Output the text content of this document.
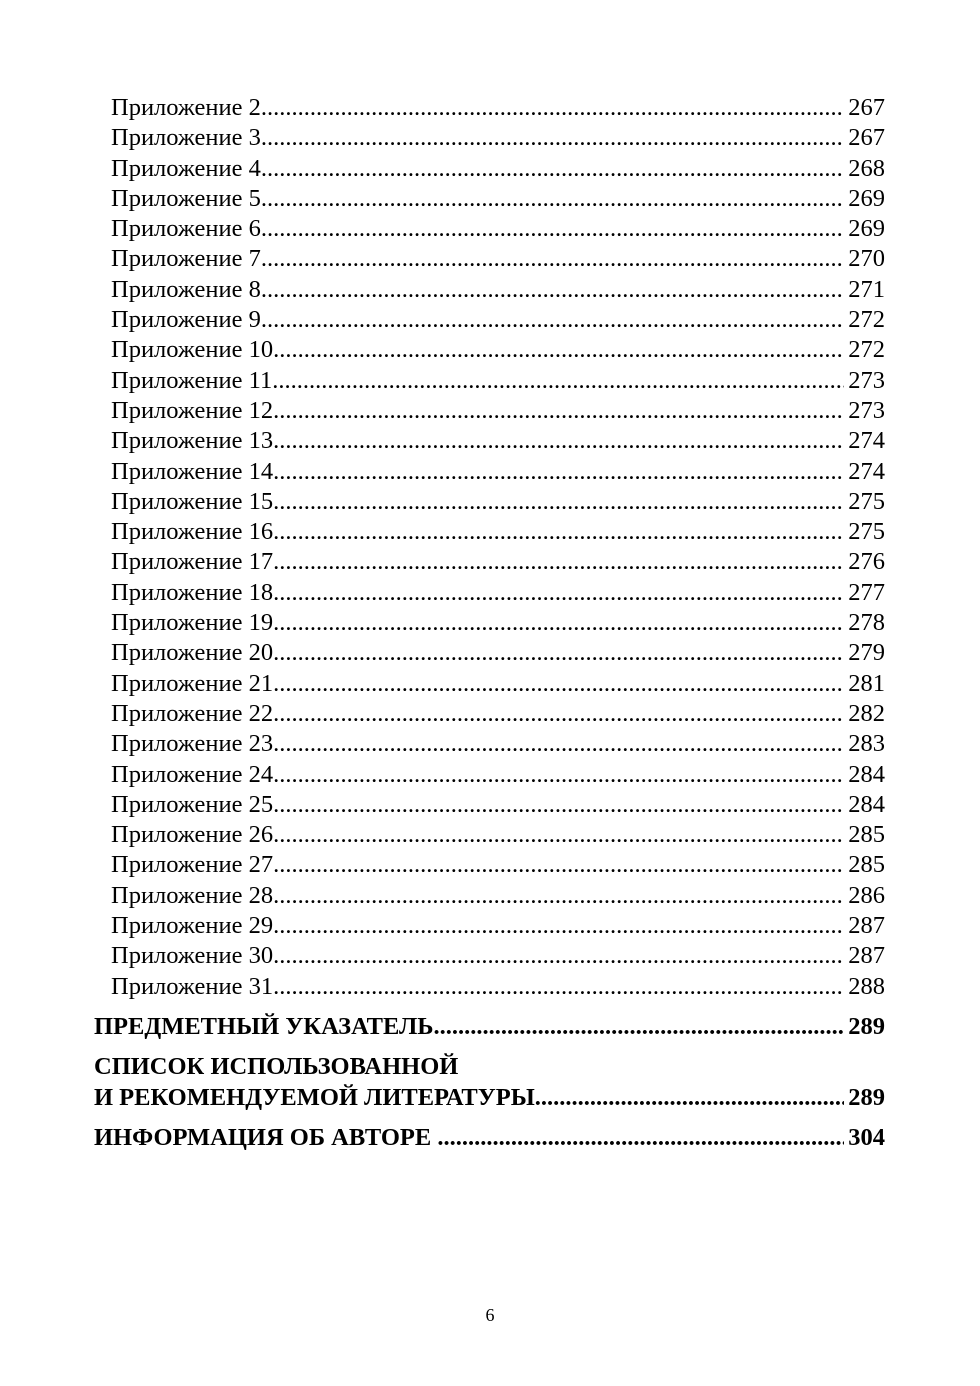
Приложение 2 .....	267
Приложение 3 .....	267
Приложение 4 .....	268
Приложение 5 .....	269
Приложение 6 .....	269
Приложение 7 .....	270
Приложение 8 .....	271
Приложение 9 .....	272
Приложение 10 .....	272
Приложение 11 .....	273
Приложение 12 .....	273
Приложение 13 .....	274
Приложение 14 .....	274
Приложение 15 .....	275
Приложение 16 .....	275
Приложение 17 .....	276
Приложение 18 .....	277
Приложение 19 .....	278
Приложение 20 .....	279
Приложение 21 .....	281
Приложение 22 .....	282
Приложение 23 .....	283
Приложение 24 .....	284
Приложение 25 .....	284
Приложение 26 .....	285
Приложение 27 .....	285
Приложение 28 .....	286
Приложение 29 .....	287
Приложение 30 .....	287
Приложение 31 .....	288
ПРЕДМЕТНЫЙ УКАЗАТЕЛЬ .....	289
СПИСОК ИСПОЛЬЗОВАННОЙ
И РЕКОМЕНДУЕМОЙ ЛИТЕРАТУРЫ .....	289
ИНФОРМАЦИЯ ОБ АВТОРЕ .....	304
6
